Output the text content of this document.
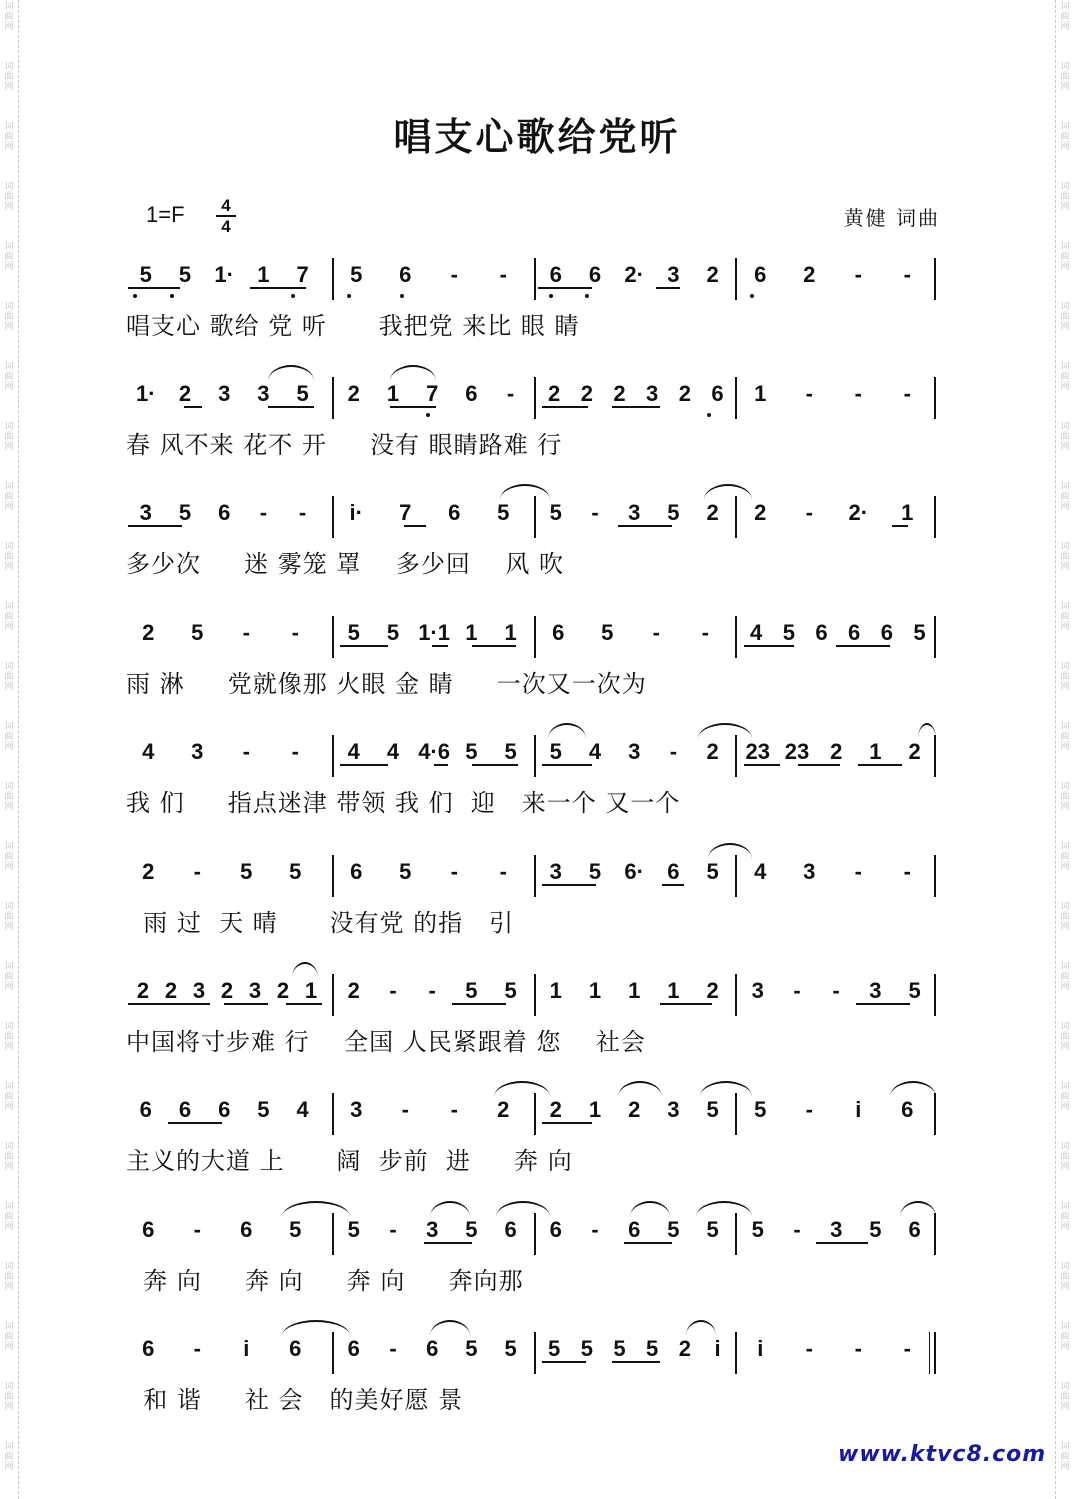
词
曲
网
词
曲
网
词
曲
网
词
曲
网
词
曲
网
词
曲
网
词
曲
网
词
曲
网
词
曲
网
词
曲
网
词
曲
网
词
曲
网
词
曲
网
词
曲
网
词
曲
网
词
曲
网
词
曲
网
词
曲
网
词
曲
网
词
曲
网
词
曲
网
词
曲
网
词
曲
网
词
曲
网
词
曲
网
词
曲
网
词
曲
网
词
曲
网
词
曲
网
词
曲
网
词
曲
网
词
曲
网
词
曲
网
词
曲
网
词
曲
网
词
曲
网
词
曲
网
词
曲
网
词
曲
网
词
曲
网
词
曲
网
词
曲
网
词
曲
网
词
曲
网
词
曲
网
词
曲
网
词
曲
网
词
曲
网
词
曲
网
词
曲
网
唱支心歌给党听
1=F	4
4	黄健 词曲
5	5	1·	1	7	5	6	-	-	6	6	2·	3	2	6	2	-	-
唱支心 歌给 党 听      我把党 来比 眼 睛
1·	2	3	3	5	2	1	7	6	-	2 2 2 3 2 6	1	-	-	-
春 风不来 花不 开     没有 眼睛路难 行
3	5	6	-	-	i·	7	6	5	5	-	3	5	2	2	-	2·	1
多少次     迷 雾笼 罩    多少回    风 吹
2	5	-	-	5	5 1·1 1	1	6	5	-	-	4 5 6 6 6 5
雨 淋     党就像那 火眼 金 睛     一次又一次为
4	3	-	-	4	4 4·6 5	5	5	4	3	-	2	23 23 2	1	2
我 们     指点迷津 带领 我 们  迎   来一个 又一个
2	-	5	5	6	5	-	-	3	5	6·	6	5	4	3	-	-
雨 过  天 晴      没有党 的指   引
2 2 3 2 3 2 1	2	-	-	5	5	1	1	1	1	2	3	-	-	3	5
中国将寸步难 行    全国 人民紧跟着 您    社会
6	6	6	5	4	3	-	-	2	2	1	2	3	5	5	-	i	6
主义的大道 上      阔  步前  进     奔 向
6	-	6	5	5	-	3	5	6	6	-	6	5	5	5	-	3	5	6
奔 向     奔 向     奔 向     奔向那
6	-	i	6	6	-	6	5	5	5 5 5 5 2	i	i	-	-	-
和 谐     社 会   的美好愿 景
www.ktvc8.com
